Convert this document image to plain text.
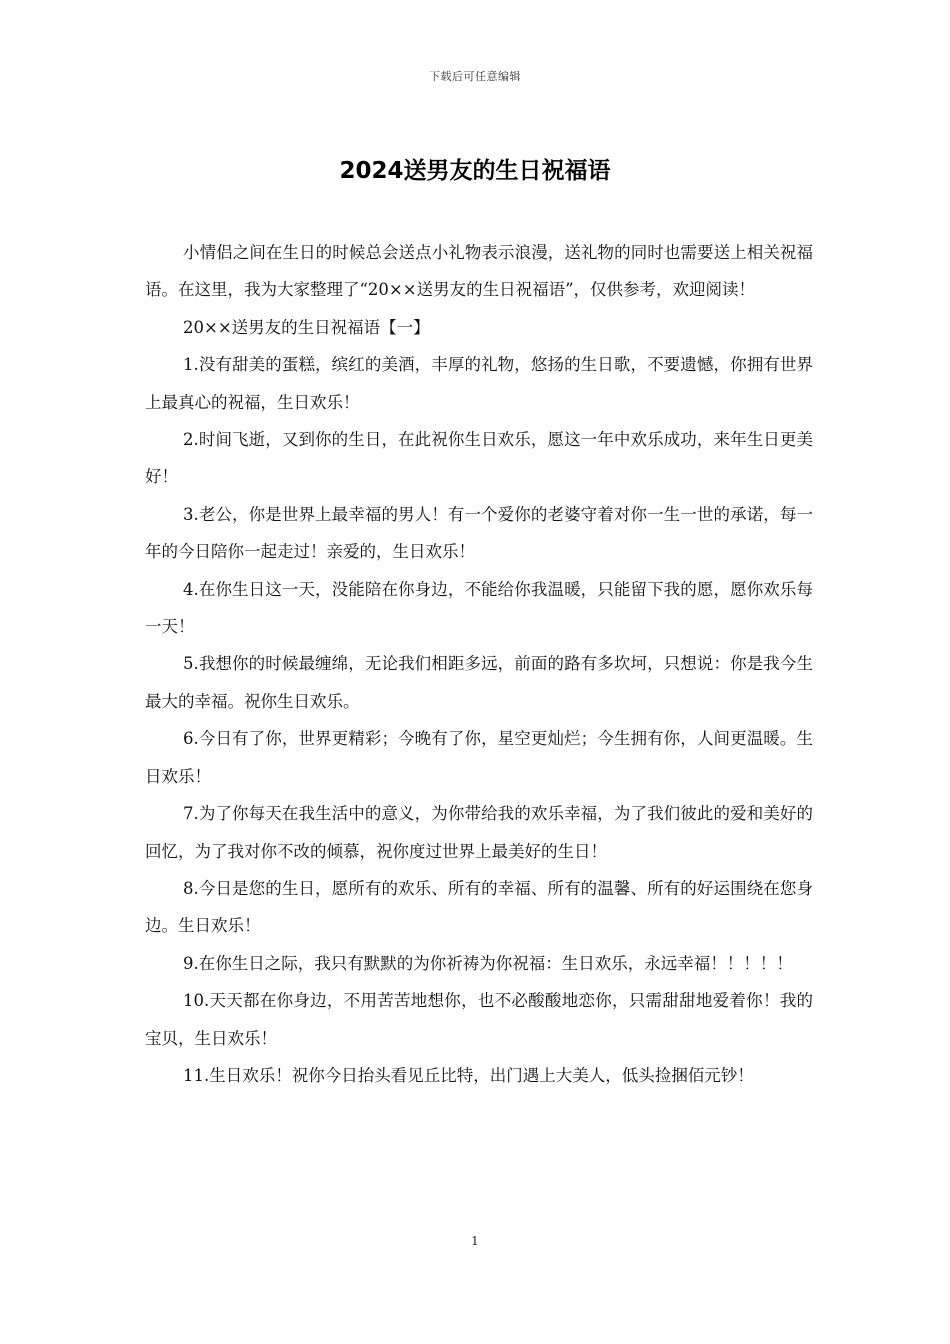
下载后可任意编辑
2024送男友的生日祝福语

小情侣之间在生日的时候总会送点小礼物表示浪漫，送礼物的同时也需要送上相关祝福语。在这里，我为大家整理了“20××送男友的生日祝福语”，仅供参考，欢迎阅读！

20××送男友的生日祝福语【一】

1.没有甜美的蛋糕，缤红的美酒，丰厚的礼物，悠扬的生日歌，不要遗憾，你拥有世界上最真心的祝福，生日欢乐！

2.时间飞逝，又到你的生日，在此祝你生日欢乐，愿这一年中欢乐成功，来年生日更美好！

3.老公，你是世界上最幸福的男人！有一个爱你的老婆守着对你一生一世的承诺，每一年的今日陪你一起走过！亲爱的，生日欢乐！

4.在你生日这一天，没能陪在你身边，不能给你我温暖，只能留下我的愿，愿你欢乐每一天！

5.我想你的时候最缠绵，无论我们相距多远，前面的路有多坎坷，只想说：你是我今生最大的幸福。祝你生日欢乐。

6.今日有了你，世界更精彩；今晚有了你，星空更灿烂；今生拥有你，人间更温暖。生日欢乐！

7.为了你每天在我生活中的意义，为你带给我的欢乐幸福，为了我们彼此的爱和美好的回忆，为了我对你不改的倾慕，祝你度过世界上最美好的生日！

8.今日是您的生日，愿所有的欢乐、所有的幸福、所有的温馨、所有的好运围绕在您身边。生日欢乐！

9.在你生日之际，我只有默默的为你祈祷为你祝福：生日欢乐，永远幸福！！！！！

10.天天都在你身边，不用苦苦地想你，也不必酸酸地恋你，只需甜甜地爱着你！我的宝贝，生日欢乐！

11.生日欢乐！祝你今日抬头看见丘比特，出门遇上大美人，低头捡捆佰元钞！

1
